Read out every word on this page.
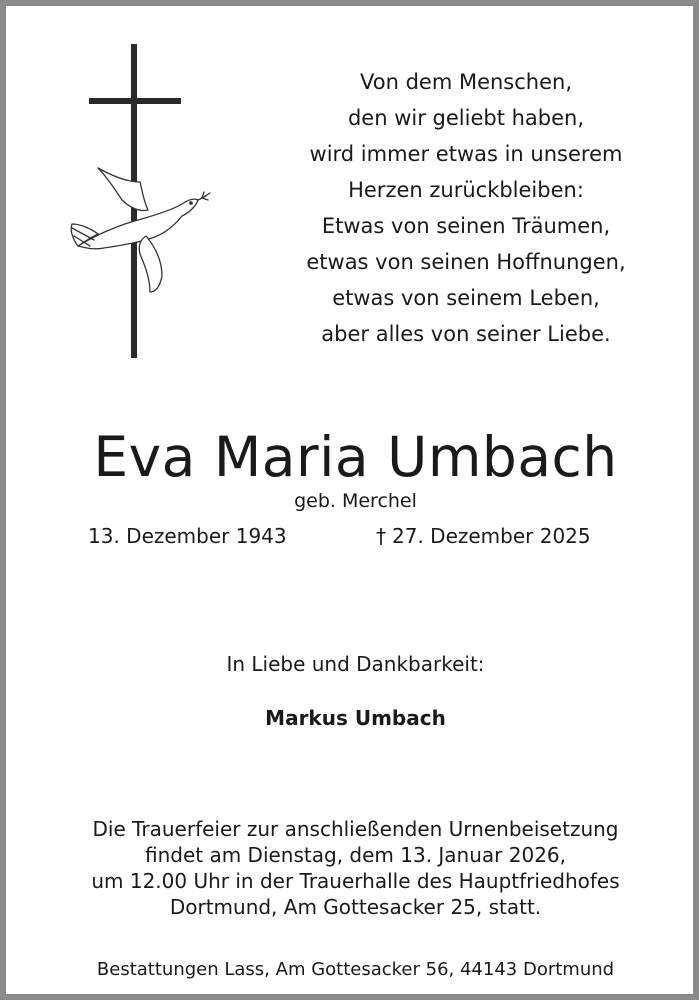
Von dem Menschen,
den wir geliebt haben,
wird immer etwas in unserem
Herzen zurückbleiben:

Etwas von seinen Träumen,
etwas von seinen Hoffnungen,
etwas von seinem Leben,
aber alles von seiner Liebe.

Eva Maria Umbach
geb. Merchel
13. Dezember 1943	† 27. Dezember 2025
In Liebe und Dankbarkeit:
Markus Umbach

Die Trauerfeier zur anschließenden Urnenbeisetzung
findet am Dienstag, dem 13. Januar 2026,
um 12.00 Uhr in der Trauerhalle des Hauptfriedhofes
Dortmund, Am Gottesacker 25, statt.

Bestattungen Lass, Am Gottesacker 56, 44143 Dortmund
